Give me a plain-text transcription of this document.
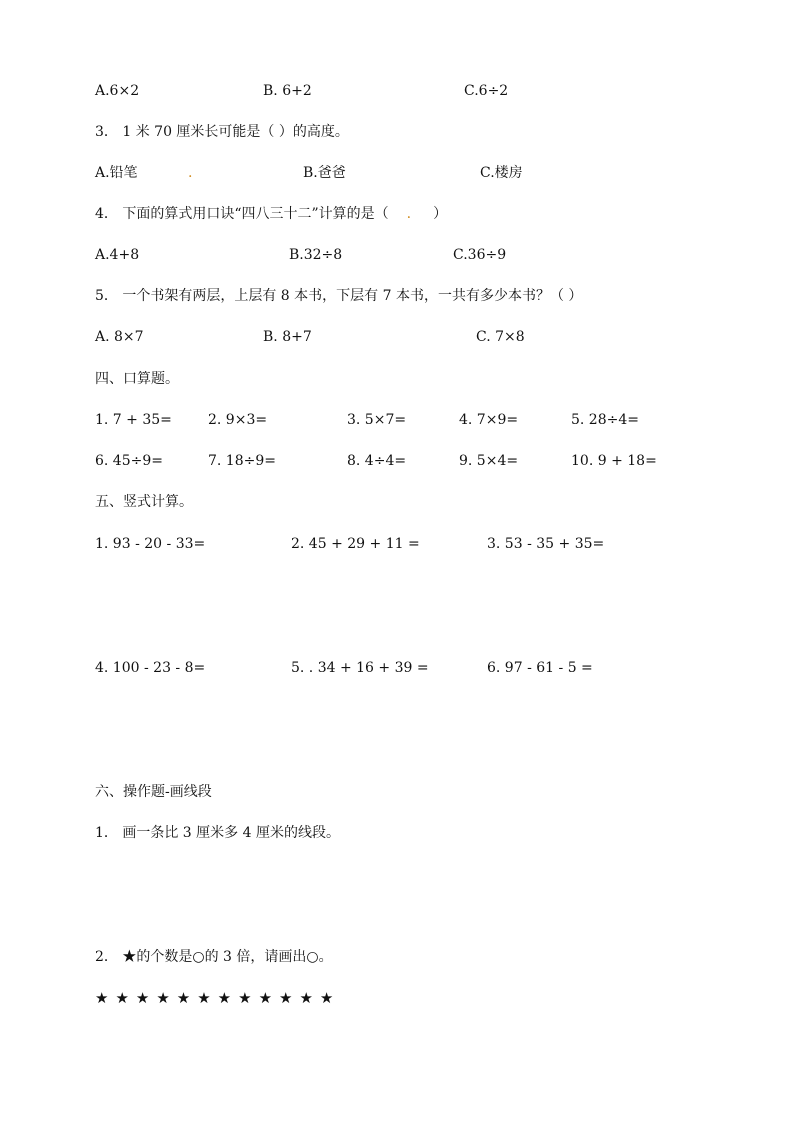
A.6×2	B. 6+2	C.6÷2
3． 1 米 70 厘米长可能是（ ）的高度。
A.铅笔	.	B.爸爸	C.楼房
4． 下面的算式用口诀“四八三十二”计算的是（ . ）
A.4+8	B.32÷8	C.36÷9
5． 一个书架有两层，上层有 8 本书，下层有 7 本书，一共有多少本书？（ ）
A. 8×7	B. 8+7	C. 7×8
四、口算题。
1. 7 + 35=	2. 9×3=	3. 5×7=	4. 7×9=	5. 28÷4=
6. 45÷9=	7. 18÷9=	8. 4÷4=	9. 5×4=	10. 9 + 18=
五、竖式计算。
1. 93 - 20 - 33=	2. 45 + 29 + 11 =	3. 53 - 35 + 35=
4. 100 - 23 - 8=	5. . 34 + 16 + 39 =	6. 97 - 61 - 5 =
六、操作题-画线段
1． 画一条比 3 厘米多 4 厘米的线段。
2． ★的个数是○的 3 倍，请画出○。
★★★★★★★★★★★★
